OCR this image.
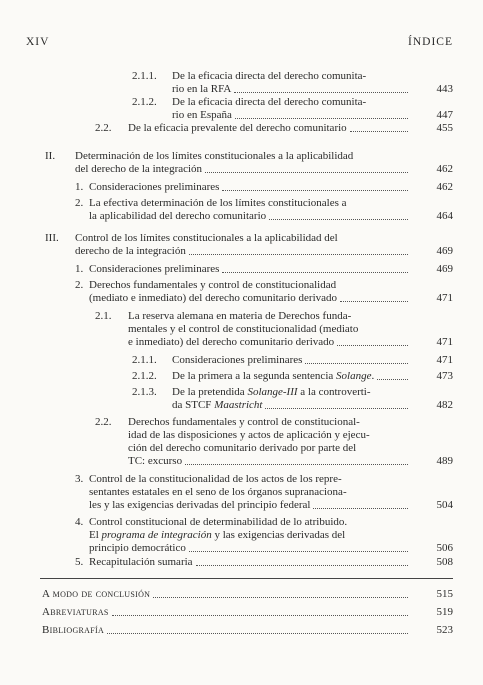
XIV	ÍNDICE
2.1.1. De la eficacia directa del derecho comunita-
rio en la RFA	443
2.1.2. De la eficacia directa del derecho comunita-
rio en España	447
2.2. De la eficacia prevalente del derecho comunitario	455
II. Determinación de los límites constitucionales a la aplicabilidad
del derecho de la integración	462
1. Consideraciones preliminares	462
2. La efectiva determinación de los límites constitucionales a
la aplicabilidad del derecho comunitario	464
III. Control de los límites constitucionales a la aplicabilidad del
derecho de la integración	469
1. Consideraciones preliminares	469
2. Derechos fundamentales y control de constitucionalidad
(mediato e inmediato) del derecho comunitario derivado	471
2.1. La reserva alemana en materia de Derechos funda-
mentales y el control de constitucionalidad (mediato
e inmediato) del derecho comunitario derivado	471
2.1.1. Consideraciones preliminares	471
2.1.2. De la primera a la segunda sentencia Solange.	473
2.1.3. De la pretendida Solange-III a la controverti-
da STCF Maastricht	482
2.2. Derechos fundamentales y control de constitucional-
idad de las disposiciones y actos de aplicación y ejecu-
ción del derecho comunitario derivado por parte del
TC: excurso	489
3. Control de la constitucionalidad de los actos de los repre-
sentantes estatales en el seno de los órganos supranaciona-
les y las exigencias derivadas del principio federal	504
4. Control constitucional de determinabilidad de lo atribuido.
El programa de integración y las exigencias derivadas del
principio democrático	506
5. Recapitulación sumaria	508
A modo de conclusión	515
Abreviaturas	519
Bibliografía	523
